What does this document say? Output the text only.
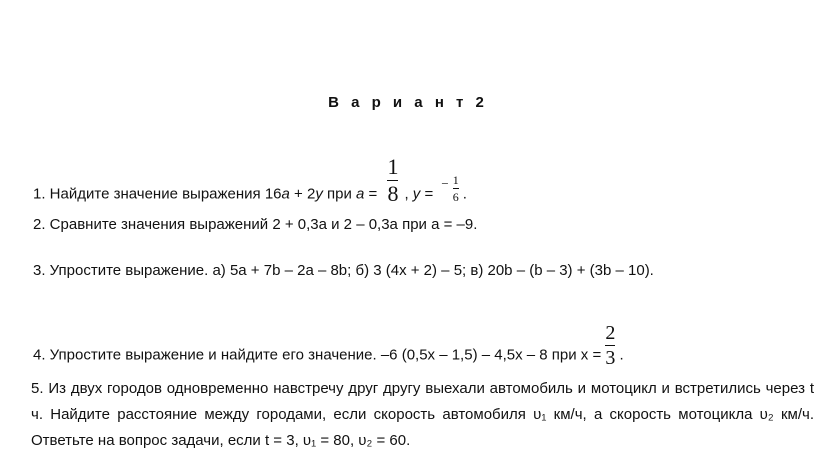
В а р и а н т 2
1. Найдите значение выражения 16a + 2y при $a = \frac{1}{8}$ , y = − $\frac{1}{6}$ .
2. Сравните значения выражений 2 + 0,3a и 2 – 0,3a при a = –9.
3. Упростите выражение. а) 5a + 7b – 2a – 8b; б) 3 (4x + 2) – 5; в) 20b – (b – 3) + (3b – 10).
4. Упростите выражение и найдите его значение. –6 (0,5x – 1,5) – 4,5x – 8 при $x = \frac{2}{3}$ .
5. Из двух городов одновременно навстречу друг другу выехали автомобиль и мотоцикл и встретились через t ч. Найдите расстояние между городами, если скорость автомобиля υ₁ км/ч, а скорость мотоцикла υ₂ км/ч. Ответьте на вопрос задачи, если t = 3, υ₁ = 80, υ₂ = 60.
